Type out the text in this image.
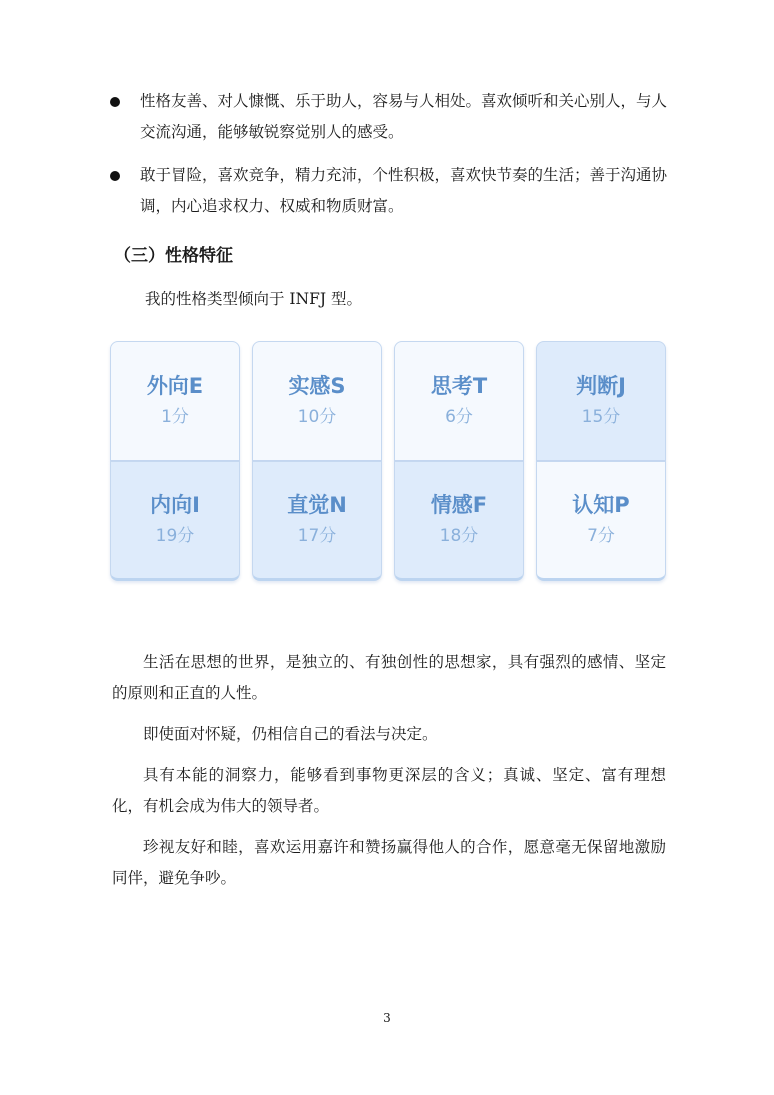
性格友善、对人慷慨、乐于助人，容易与人相处。喜欢倾听和关心别人，与人交流沟通，能够敏锐察觉别人的感受。
敢于冒险，喜欢竞争，精力充沛，个性积极，喜欢快节奏的生活；善于沟通协调，内心追求权力、权威和物质财富。
（三）性格特征
我的性格类型倾向于 INFJ 型。
外向E
1分
实感S
10分
思考T
6分
判断J
15分
内向I
19分
直觉N
17分
情感F
18分
认知P
7分

生活在思想的世界，是独立的、有独创性的思想家，具有强烈的感情、坚定的原则和正直的人性。

即使面对怀疑，仍相信自己的看法与决定。

具有本能的洞察力，能够看到事物更深层的含义；真诚、坚定、富有理想化，有机会成为伟大的领导者。

珍视友好和睦，喜欢运用嘉许和赞扬赢得他人的合作，愿意毫无保留地激励同伴，避免争吵。

3
